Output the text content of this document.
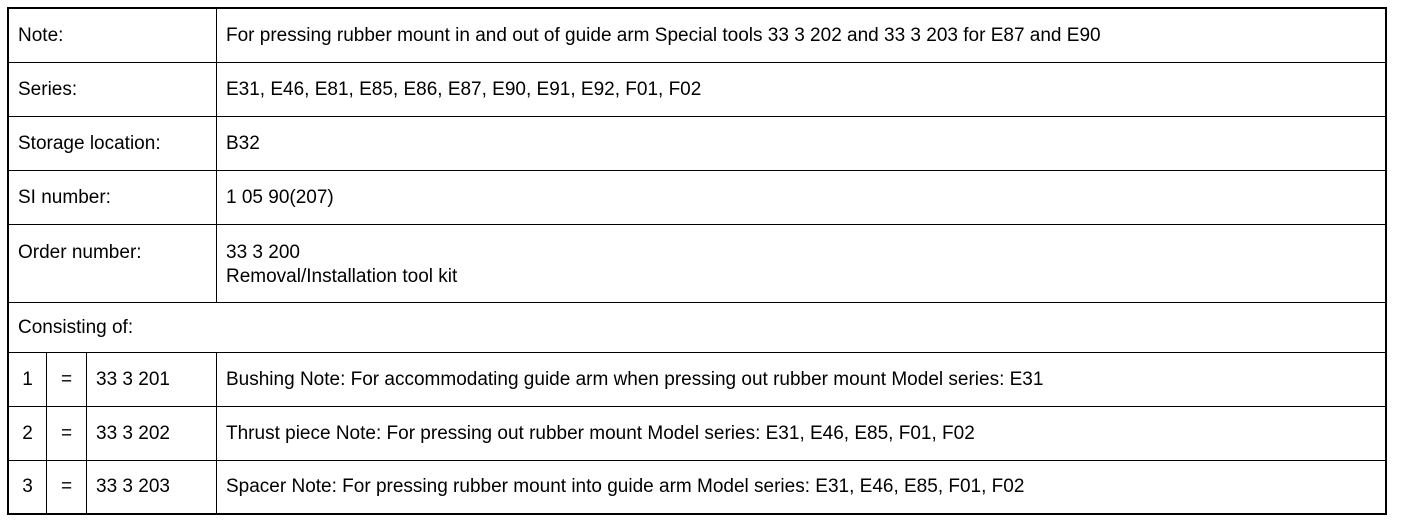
Note:	For pressing rubber mount in and out of guide arm Special tools 33 3 202 and 33 3 203 for E87 and E90
Series:	E31, E46, E81, E85, E86, E87, E90, E91, E92, F01, F02
Storage location:	B32
SI number:	1 05 90(207)
Order number:	33 3 200
Removal/Installation tool kit
Consisting of:
1	=	33 3 201	Bushing Note: For accommodating guide arm when pressing out rubber mount Model series: E31
2	=	33 3 202	Thrust piece Note: For pressing out rubber mount Model series: E31, E46, E85, F01, F02
3	=	33 3 203	Spacer Note: For pressing rubber mount into guide arm Model series: E31, E46, E85, F01, F02
